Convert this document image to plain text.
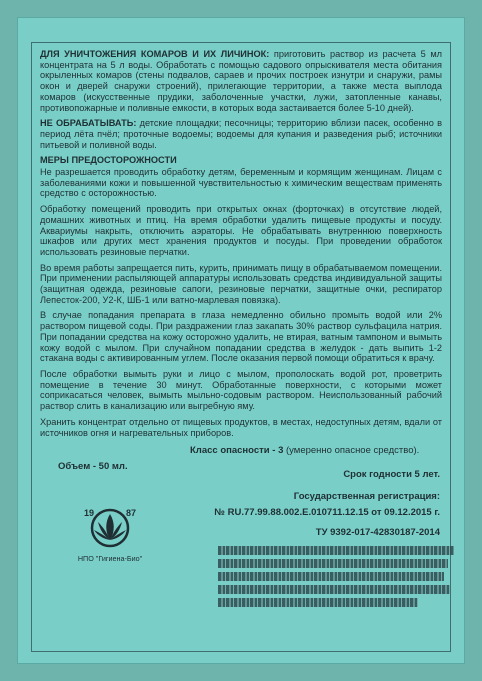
ДЛЯ УНИЧТОЖЕНИЯ КОМАРОВ И ИХ ЛИЧИНОК: приготовить раствор из расчета 5 мл концентрата на 5 л воды. Обработать с помощью садового опрыскивателя места обитания окрыленных комаров (стены подвалов, сараев и прочих построек изнутри и снаружи, рамы окон и дверей снаружи строений), прилегающие территории, а также места выплода комаров (искусственные прудики, заболоченные участки, лужи, затопленные канавы, противопожарные и поливные емкости, в которых вода застаивается более 5-10 дней).

НЕ ОБРАБАТЫВАТЬ: детские площадки; песочницы; территорию вблизи пасек, особенно в период лёта пчёл; проточные водоемы; водоемы для купания и разведения рыб; источники питьевой и поливной воды.

МЕРЫ ПРЕДОСТОРОЖНОСТИ

Не разрешается проводить обработку детям, беременным и кормящим женщинам. Лицам с заболеваниями кожи и повышенной чувствительностью к химическим веществам применять средство с осторожностью.

Обработку помещений проводить при открытых окнах (форточках) в отсутствие людей, домашних животных и птиц. На время обработки удалить пищевые продукты и посуду. Аквариумы накрыть, отключить аэраторы. Не обрабатывать внутреннюю поверхность шкафов или других мест хранения продуктов и посуды. При проведении обработок использовать резиновые перчатки.

Во время работы запрещается пить, курить, принимать пищу в обрабатываемом помещении. При применении распыляющей аппаратуры использовать средства индивидуальной защиты (защитная одежда, резиновые сапоги, резиновые перчатки, защитные очки, респиратор Лепесток-200, У2-К, ШБ-1 или ватно-марлевая повязка).

В случае попадания препарата в глаза немедленно обильно промыть водой или 2% раствором пищевой соды. При раздражении глаз закапать 30% раствор сульфацила натрия. При попадании средства на кожу осторожно удалить, не втирая, ватным тампоном и вымыть кожу водой с мылом. При случайном попадании средства в желудок - дать выпить 1-2 стакана воды с активированным углем. После оказания первой помощи обратиться к врачу.

После обработки вымыть руки и лицо с мылом, прополоскать водой рот, проветрить помещение в течение 30 минут. Обработанные поверхности, с которыми может соприкасаться человек, вымыть мыльно-содовым раствором. Неиспользованный рабочий раствор слить в канализацию или выгребную яму.

Хранить концентрат отдельно от пищевых продуктов, в местах, недоступных детям, вдали от источников огня и нагревательных приборов.

Класс опасности - 3 (умеренно опасное средство).
Объем - 50 мл.
Срок годности 5 лет.
Государственная регистрация:
№ RU.77.99.88.002.Е.010711.12.15 от 09.12.2015 г.
ТУ 9392-017-42830187-2014
19	87
НПО "Гигиена-Био"
